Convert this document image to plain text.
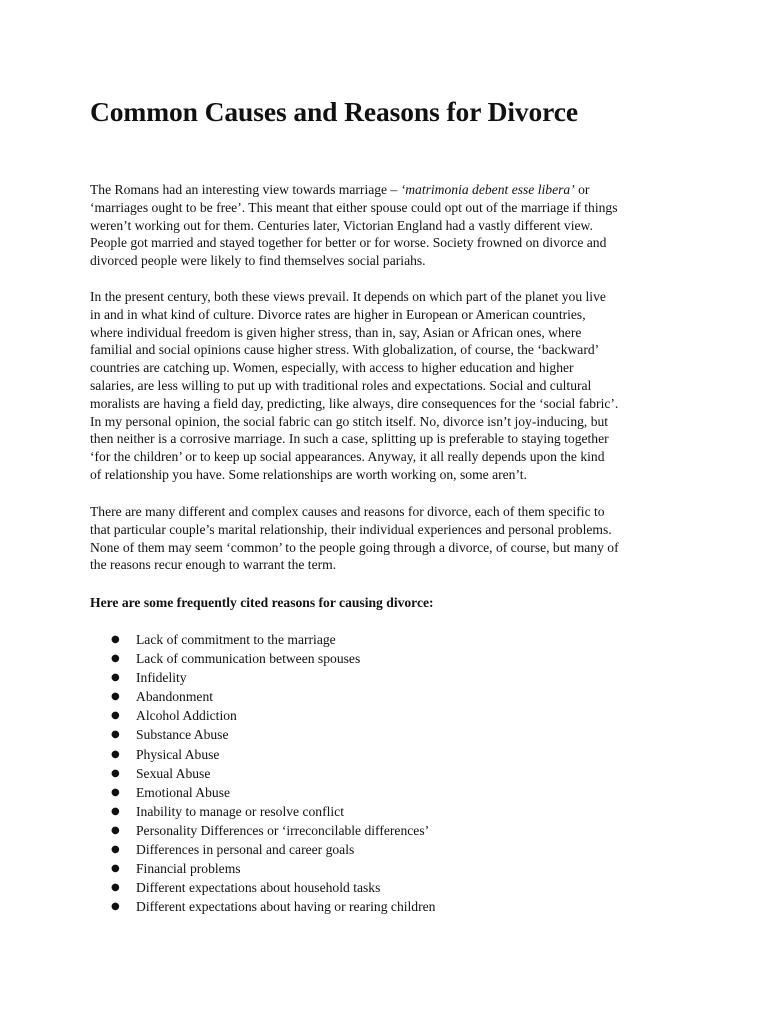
Common Causes and Reasons for Divorce

The Romans had an interesting view towards marriage – ‘matrimonia debent esse libera’ or
‘marriages ought to be free’. This meant that either spouse could opt out of the marriage if things
weren’t working out for them. Centuries later, Victorian England had a vastly different view.
People got married and stayed together for better or for worse. Society frowned on divorce and
divorced people were likely to find themselves social pariahs.

In the present century, both these views prevail. It depends on which part of the planet you live
in and in what kind of culture. Divorce rates are higher in European or American countries,
where individual freedom is given higher stress, than in, say, Asian or African ones, where
familial and social opinions cause higher stress. With globalization, of course, the ‘backward’
countries are catching up. Women, especially, with access to higher education and higher
salaries, are less willing to put up with traditional roles and expectations. Social and cultural
moralists are having a field day, predicting, like always, dire consequences for the ‘social fabric’.
In my personal opinion, the social fabric can go stitch itself. No, divorce isn’t joy-inducing, but
then neither is a corrosive marriage. In such a case, splitting up is preferable to staying together
‘for the children’ or to keep up social appearances. Anyway, it all really depends upon the kind
of relationship you have. Some relationships are worth working on, some aren’t.

There are many different and complex causes and reasons for divorce, each of them specific to
that particular couple’s marital relationship, their individual experiences and personal problems.
None of them may seem ‘common’ to the people going through a divorce, of course, but many of
the reasons recur enough to warrant the term.

Here are some frequently cited reasons for causing divorce:

● Lack of commitment to the marriage
● Lack of communication between spouses
● Infidelity
● Abandonment
● Alcohol Addiction
● Substance Abuse
● Physical Abuse
● Sexual Abuse
● Emotional Abuse
● Inability to manage or resolve conflict
● Personality Differences or ‘irreconcilable differences’
● Differences in personal and career goals
● Financial problems
● Different expectations about household tasks
● Different expectations about having or rearing children
